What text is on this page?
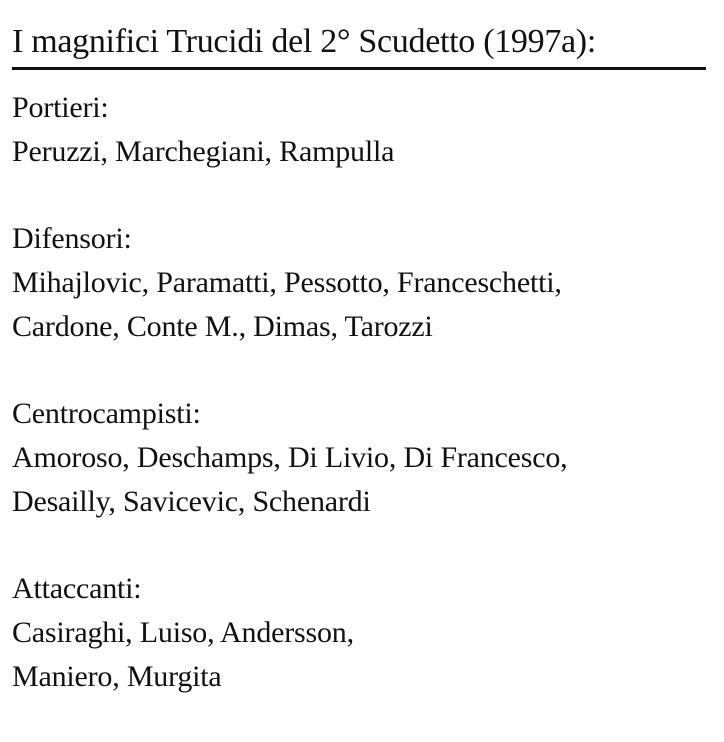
I magnifici Trucidi del 2° Scudetto (1997a):
Portieri:
Peruzzi, Marchegiani, Rampulla
Difensori:
Mihajlovic, Paramatti, Pessotto, Franceschetti,
Cardone, Conte M., Dimas, Tarozzi
Centrocampisti:
Amoroso, Deschamps, Di Livio, Di Francesco,
Desailly, Savicevic, Schenardi
Attaccanti:
Casiraghi, Luiso, Andersson,
Maniero, Murgita
